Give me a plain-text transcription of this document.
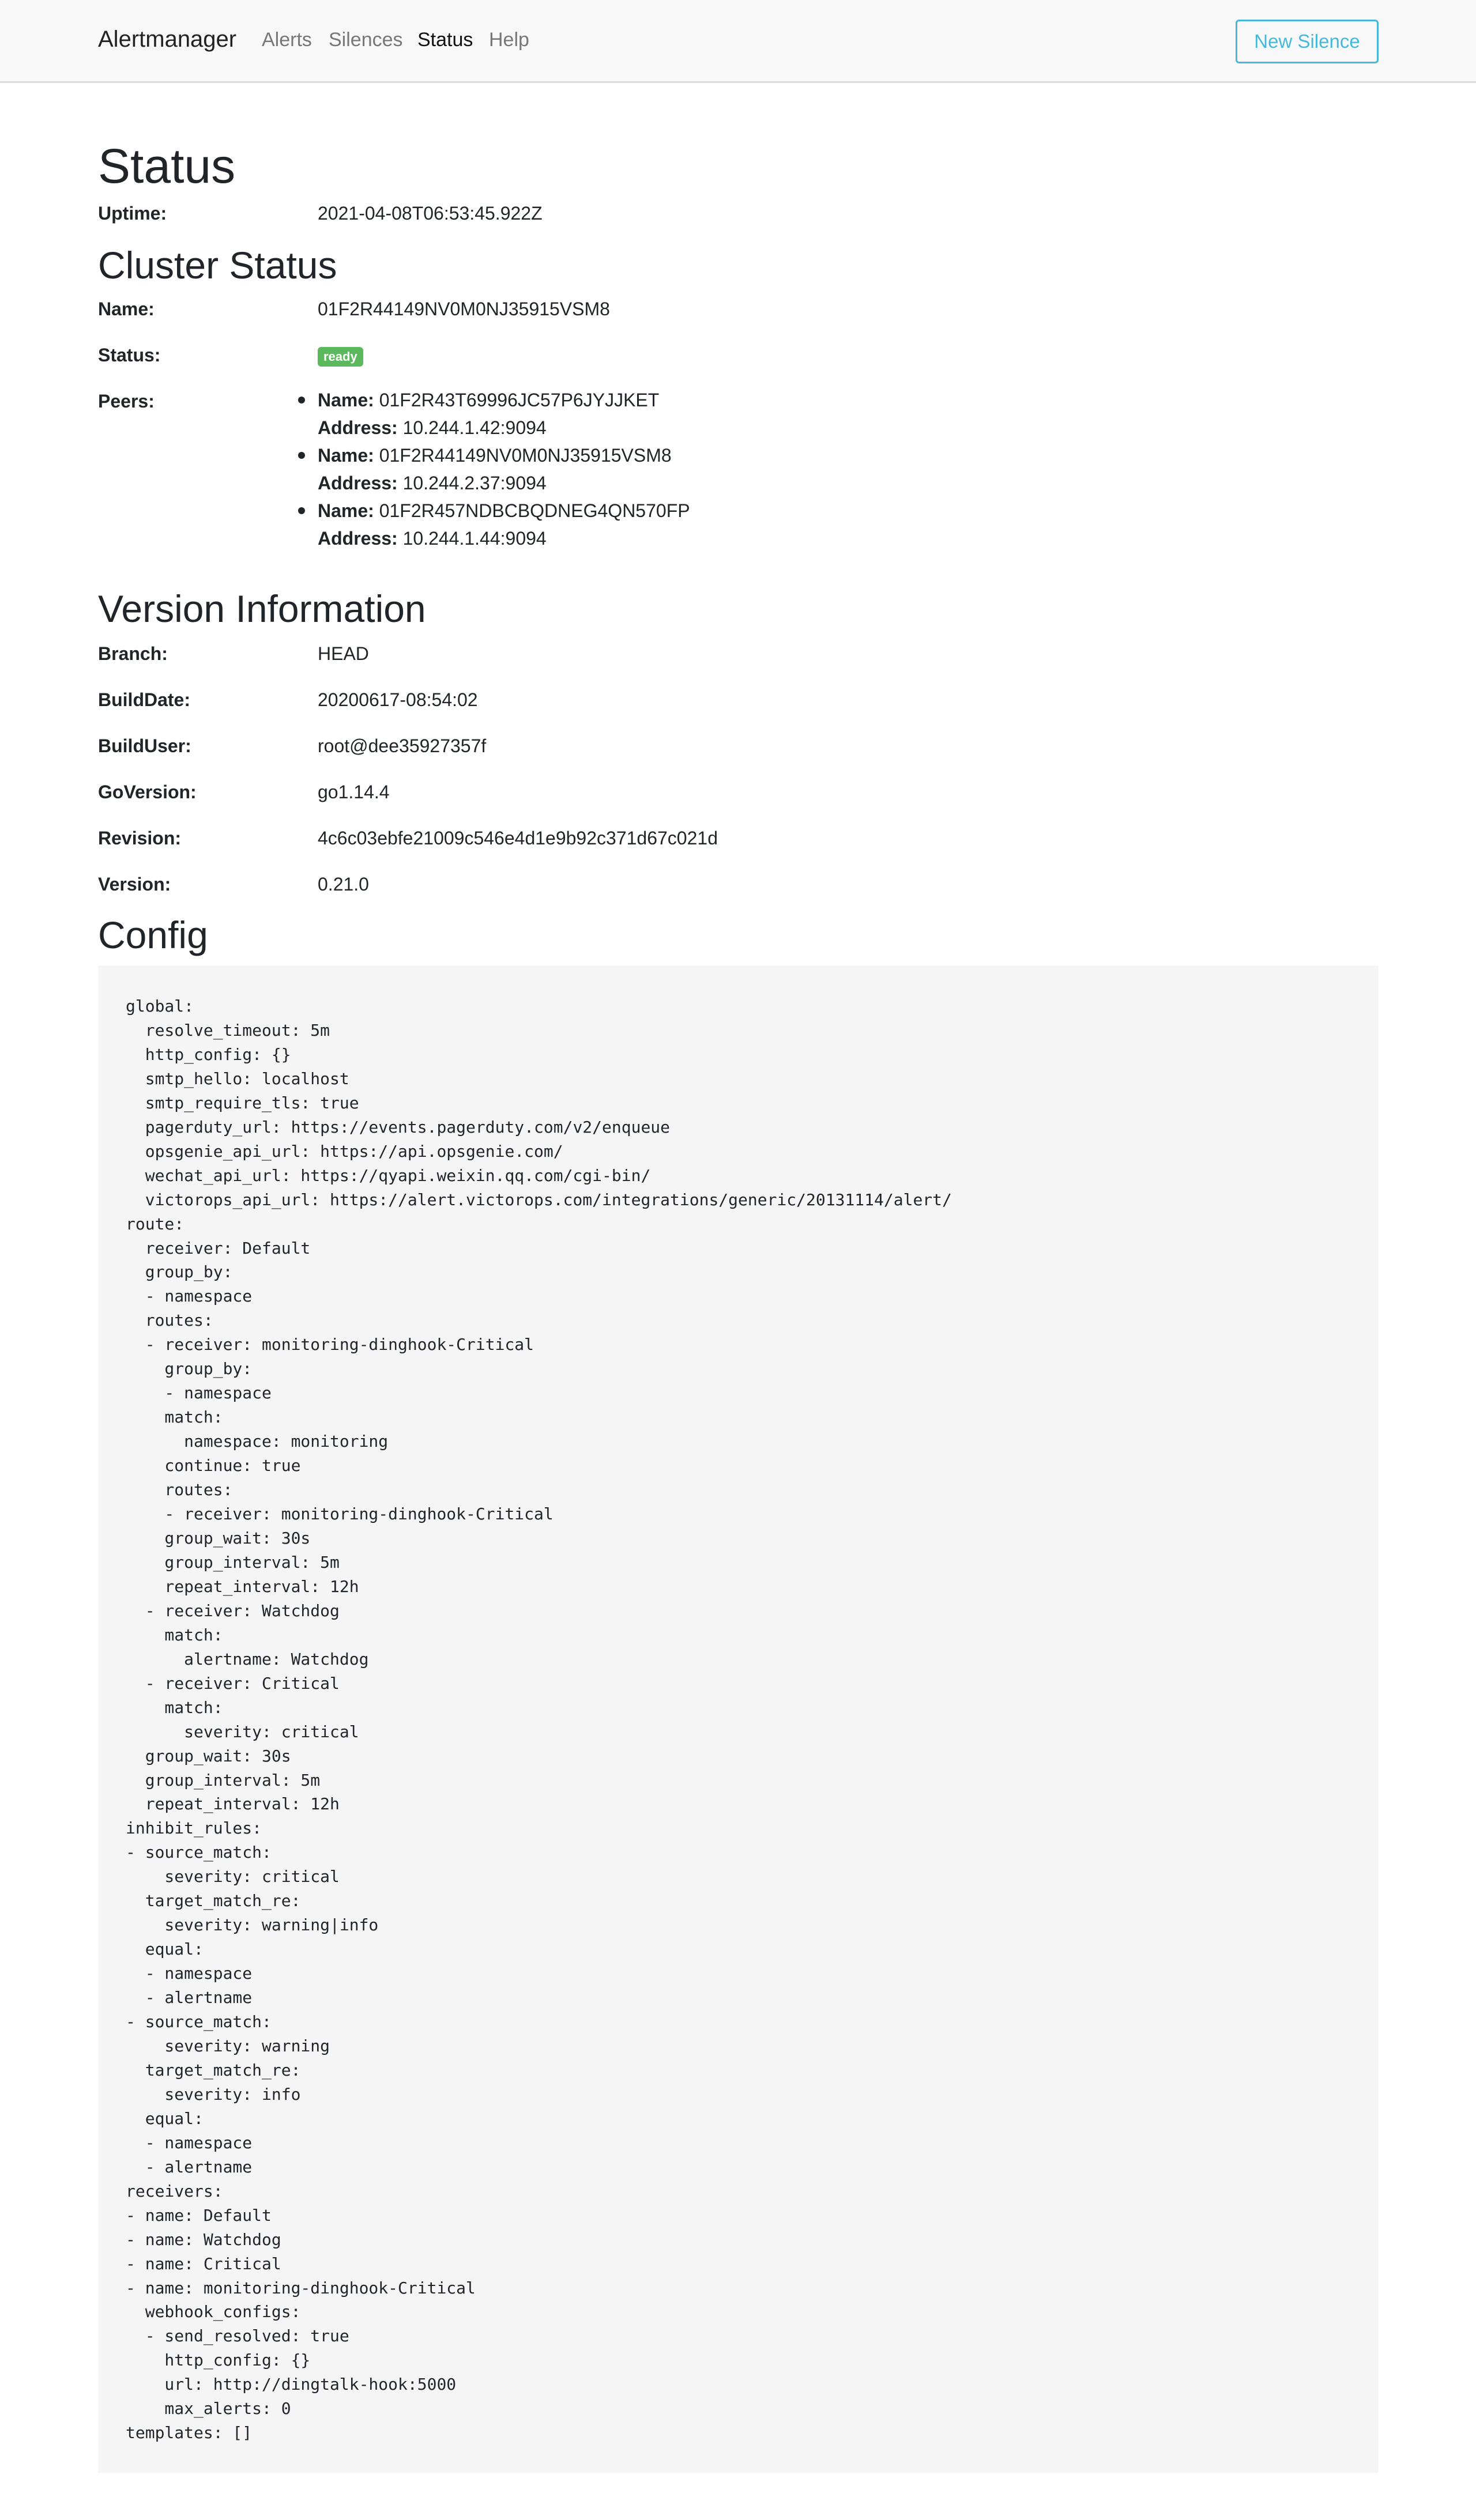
Alertmanager Alerts Silences Status Help	New Silence
Status
Uptime:	2021-04-08T06:53:45.922Z
Cluster Status
Name:	01F2R44149NV0M0NJ35915VSM8
Status:	ready
Peers:	Name: 01F2R43T69996JC57P6JYJJKET
Address: 10.244.1.42:9094
Name: 01F2R44149NV0M0NJ35915VSM8
Address: 10.244.2.37:9094
Name: 01F2R457NDBCBQDNEG4QN570FP
Address: 10.244.1.44:9094
Version Information
Branch:	HEAD
BuildDate:	20200617-08:54:02
BuildUser:	root@dee35927357f
GoVersion:	go1.14.4
Revision:	4c6c03ebfe21009c546e4d1e9b92c371d67c021d
Version:	0.21.0
Config
global:
resolve_timeout: 5m
http_config: {}
smtp_hello: localhost
smtp_require_tls: true
pagerduty_url: https://events.pagerduty.com/v2/enqueue
opsgenie_api_url: https://api.opsgenie.com/
wechat_api_url: https://qyapi.weixin.qq.com/cgi-bin/
victorops_api_url: https://alert.victorops.com/integrations/generic/20131114/alert/
route:
receiver: Default
group_by:
- namespace
routes:
- receiver: monitoring-dinghook-Critical
group_by:
- namespace
match:
namespace: monitoring
continue: true
routes:
- receiver: monitoring-dinghook-Critical
group_wait: 30s
group_interval: 5m
repeat_interval: 12h
- receiver: Watchdog
match:
alertname: Watchdog
- receiver: Critical
match:
severity: critical
group_wait: 30s
group_interval: 5m
repeat_interval: 12h
inhibit_rules:
- source_match:
severity: critical
target_match_re:
severity: warning|info
equal:
- namespace
- alertname
- source_match:
severity: warning
target_match_re:
severity: info
equal:
- namespace
- alertname
receivers:
- name: Default
- name: Watchdog
- name: Critical
- name: monitoring-dinghook-Critical
webhook_configs:
- send_resolved: true
http_config: {}
url: http://dingtalk-hook:5000
max_alerts: 0
templates: []
